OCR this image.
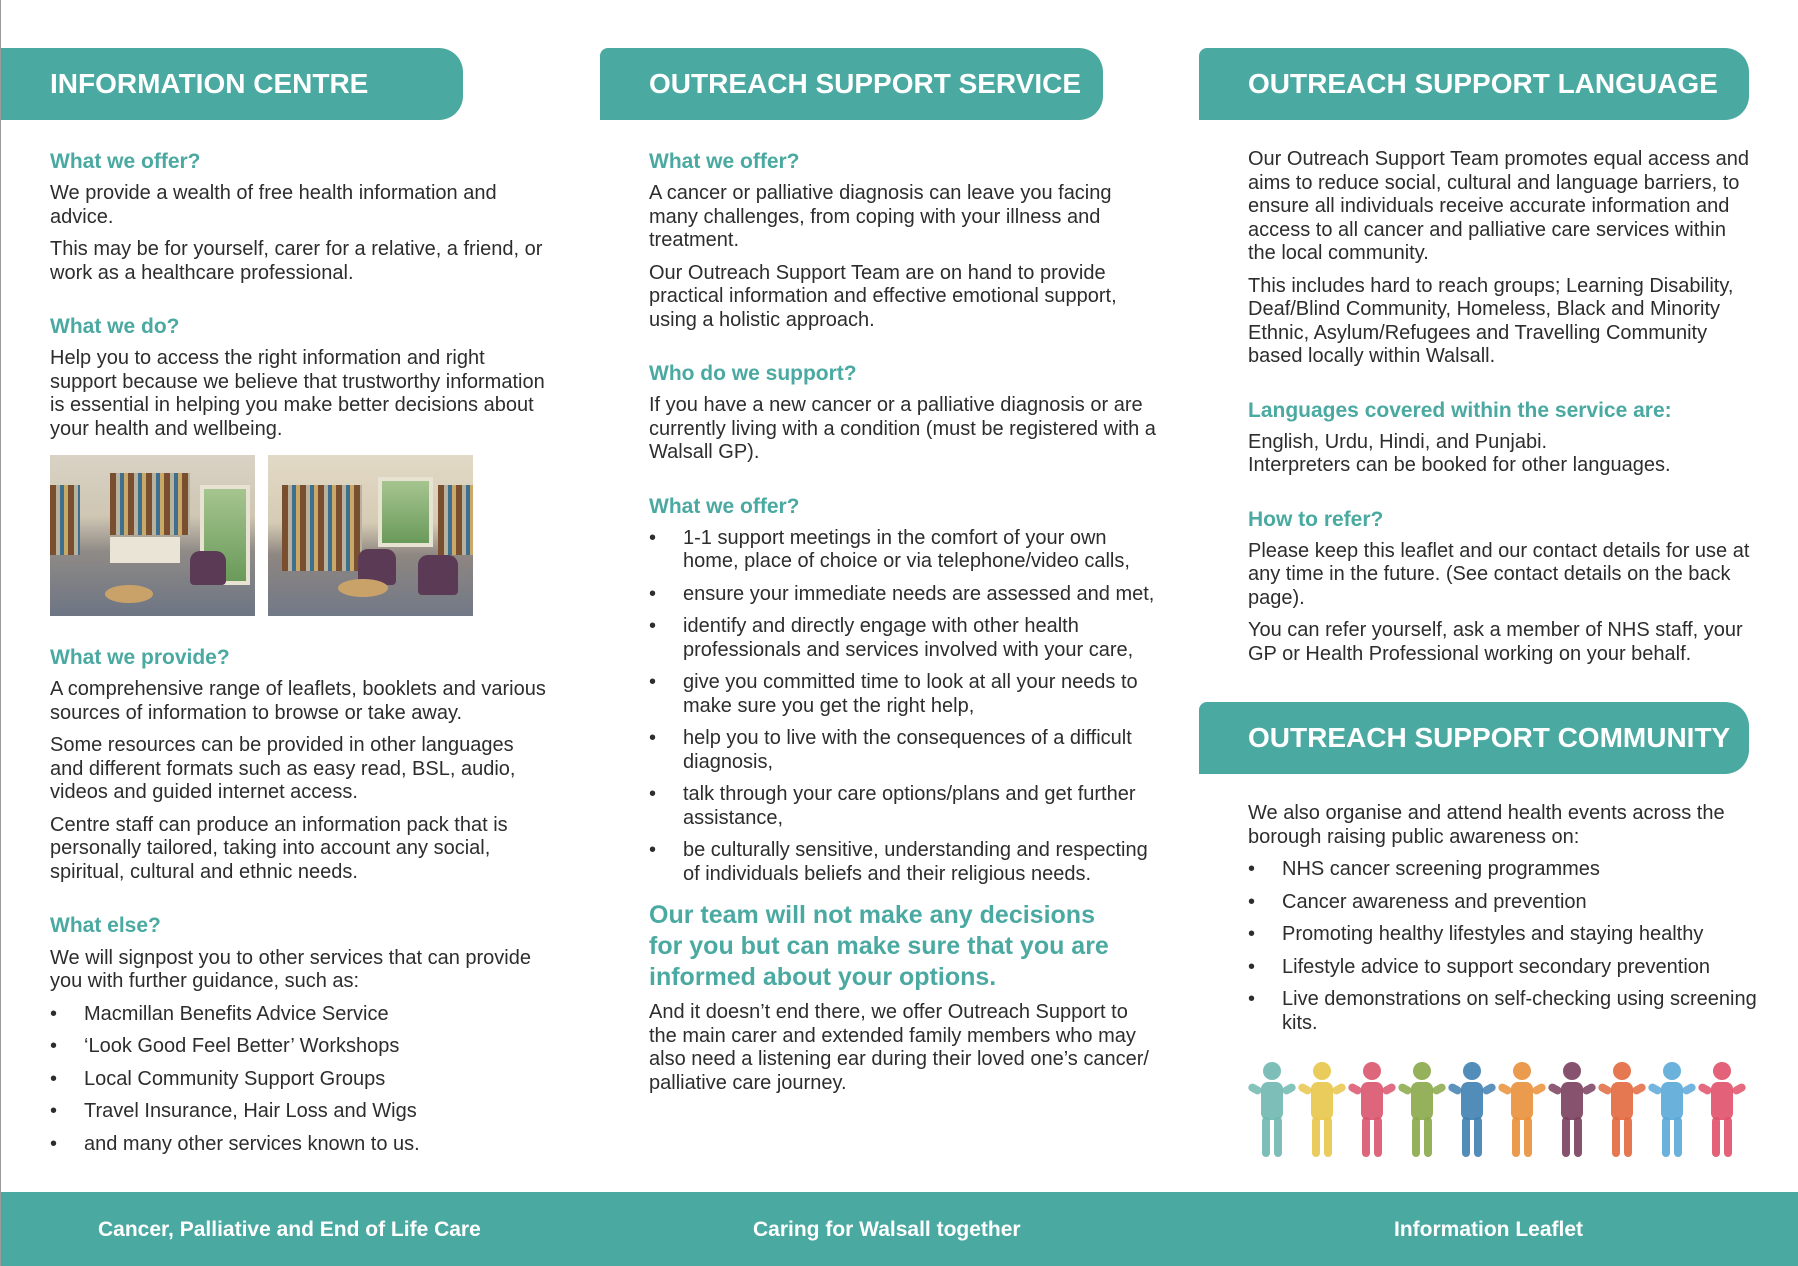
INFORMATION CENTRE
What we offer?

We provide a wealth of free health information and advice.

This may be for yourself, carer for a relative, a friend, or work as a healthcare professional.

What we do?

Help you to access the right information and right support because we believe that trustworthy information is essential in helping you make better decisions about your health and wellbeing.

What we provide?

A comprehensive range of leaflets, booklets and various sources of information to browse or take away.

Some resources can be provided in other languages and different formats such as easy read, BSL, audio, videos and guided internet access.

Centre staff can produce an information pack that is personally tailored, taking into account any social, spiritual, cultural and ethnic needs.

What else?

We will signpost you to other services that can provide you with further guidance, such as:

• Macmillan Benefits Advice Service
• ‘Look Good Feel Better’ Workshops
• Local Community Support Groups
• Travel Insurance, Hair Loss and Wigs
• and many other services known to us.
OUTREACH SUPPORT SERVICE
What we offer?

A cancer or palliative diagnosis can leave you facing many challenges, from coping with your illness and treatment.

Our Outreach Support Team are on hand to provide practical information and effective emotional support, using a holistic approach.

Who do we support?

If you have a new cancer or a palliative diagnosis or are currently living with a condition (must be registered with a Walsall GP).

What we offer?
• 1-1 support meetings in the comfort of your own home, place of choice or via telephone/video calls,
• ensure your immediate needs are assessed and met,
• identify and directly engage with other health professionals and services involved with your care,
• give you committed time to look at all your needs to make sure you get the right help,
• help you to live with the consequences of a difficult diagnosis,
• talk through your care options/plans and get further assistance,
• be culturally sensitive, understanding and respecting of individuals beliefs and their religious needs.
Our team will not make any decisions for you but can make sure that you are informed about your options.

And it doesn’t end there, we offer Outreach Support to the main carer and extended family members who may also need a listening ear during their loved one’s cancer/ palliative care journey.

OUTREACH SUPPORT LANGUAGE

Our Outreach Support Team promotes equal access and aims to reduce social, cultural and language barriers, to ensure all individuals receive accurate information and access to all cancer and palliative care services within the local community.

This includes hard to reach groups; Learning Disability, Deaf/Blind Community, Homeless, Black and Minority Ethnic, Asylum/Refugees and Travelling Community based locally within Walsall.

Languages covered within the service are:

English, Urdu, Hindi, and Punjabi.

Interpreters can be booked for other languages.

How to refer?

Please keep this leaflet and our contact details for use at any time in the future. (See contact details on the back page).

You can refer yourself, ask a member of NHS staff, your GP or Health Professional working on your behalf.

OUTREACH SUPPORT COMMUNITY

We also organise and attend health events across the borough raising public awareness on:

• NHS cancer screening programmes
• Cancer awareness and prevention
• Promoting healthy lifestyles and staying healthy
• Lifestyle advice to support secondary prevention
• Live demonstrations on self-checking using screening kits.
Cancer, Palliative and End of Life Care	Caring for Walsall together	Information Leaflet
